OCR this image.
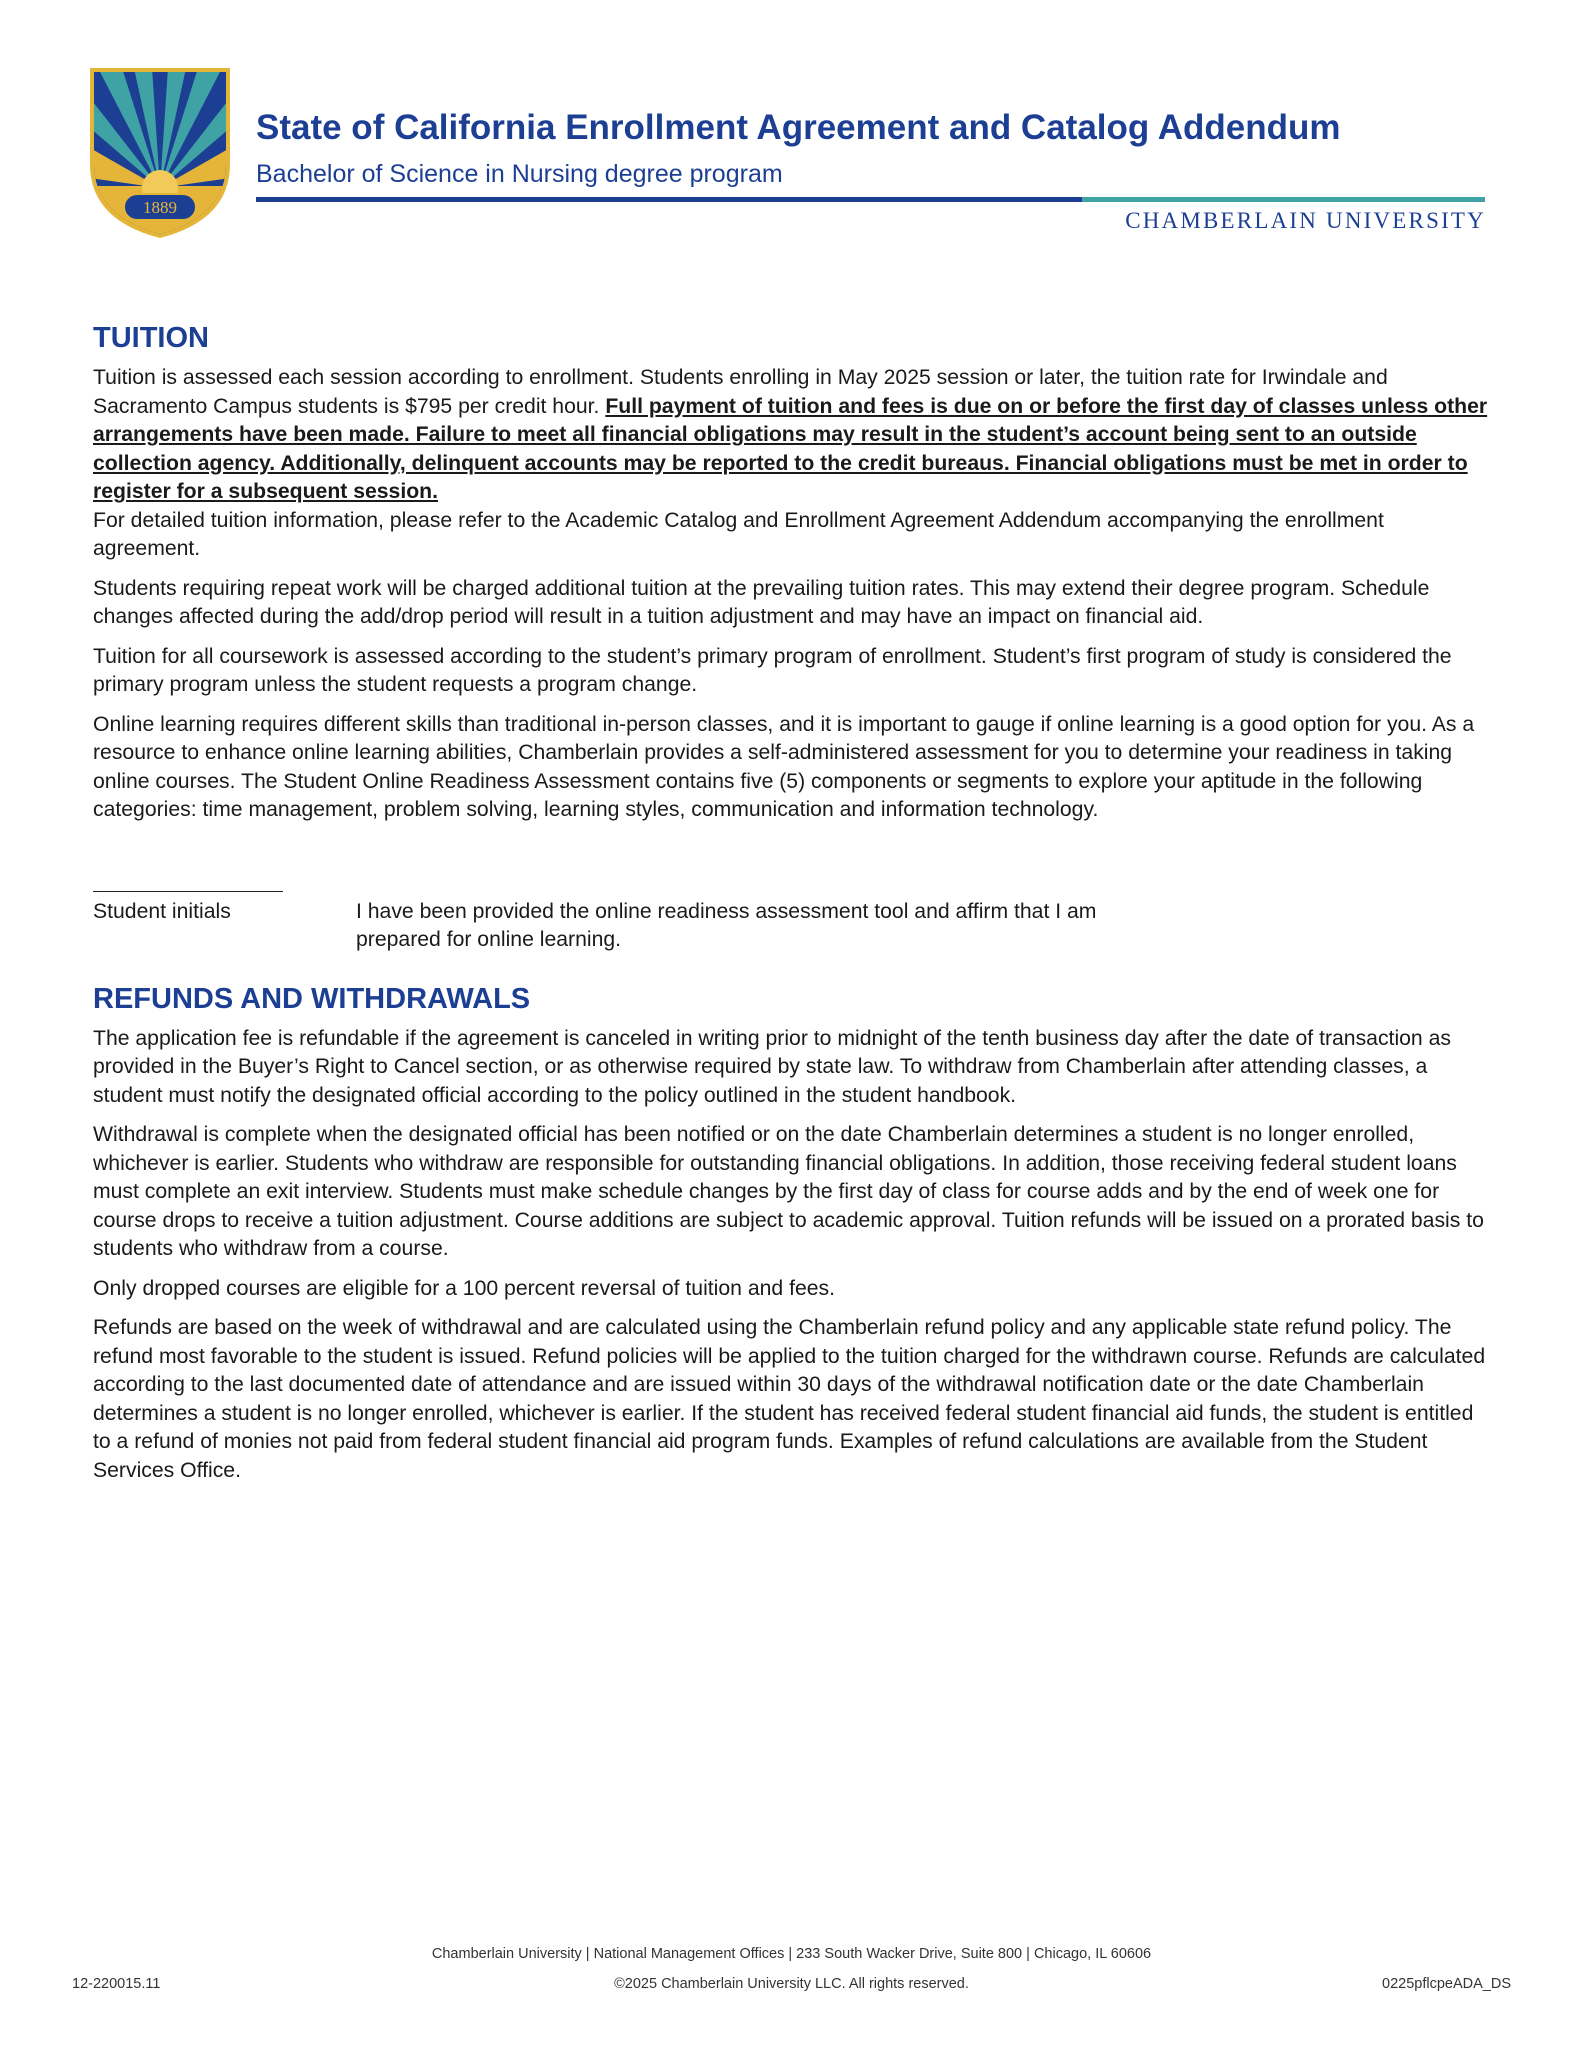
1889
State of California Enrollment Agreement and Catalog Addendum
Bachelor of Science in Nursing degree program
CHAMBERLAIN UNIVERSITY
TUITION

Tuition is assessed each session according to enrollment. Students enrolling in May 2025 session or later, the tuition rate for Irwindale and Sacramento Campus students is $795 per credit hour. Full payment of tuition and fees is due on or before the first day of classes unless other arrangements have been made. Failure to meet all financial obligations may result in the student’s account being sent to an outside collection agency. Additionally, delinquent accounts may be reported to the credit bureaus. Financial obligations must be met in order to register for a subsequent session.

For detailed tuition information, please refer to the Academic Catalog and Enrollment Agreement Addendum accompanying the enrollment agreement.

Students requiring repeat work will be charged additional tuition at the prevailing tuition rates. This may extend their degree program. Schedule changes affected during the add/drop period will result in a tuition adjustment and may have an impact on financial aid.

Tuition for all coursework is assessed according to the student’s primary program of enrollment. Student’s first program of study is considered the primary program unless the student requests a program change.

Online learning requires different skills than traditional in-person classes, and it is important to gauge if online learning is a good option for you. As a resource to enhance online learning abilities, Chamberlain provides a self-administered assessment for you to determine your readiness in taking online courses. The Student Online Readiness Assessment contains five (5) components or segments to explore your aptitude in the following categories: time management, problem solving, learning styles, communication and information technology.

Student initials	I have been provided the online readiness assessment tool and affirm that I am prepared for online learning.
REFUNDS AND WITHDRAWALS

The application fee is refundable if the agreement is canceled in writing prior to midnight of the tenth business day after the date of transaction as provided in the Buyer’s Right to Cancel section, or as otherwise required by state law. To withdraw from Chamberlain after attending classes, a student must notify the designated official according to the policy outlined in the student handbook.

Withdrawal is complete when the designated official has been notified or on the date Chamberlain determines a student is no longer enrolled, whichever is earlier. Students who withdraw are responsible for outstanding financial obligations. In addition, those receiving federal student loans must complete an exit interview. Students must make schedule changes by the first day of class for course adds and by the end of week one for course drops to receive a tuition adjustment. Course additions are subject to academic approval. Tuition refunds will be issued on a prorated basis to students who withdraw from a course.

Only dropped courses are eligible for a 100 percent reversal of tuition and fees.

Refunds are based on the week of withdrawal and are calculated using the Chamberlain refund policy and any applicable state refund policy. The refund most favorable to the student is issued. Refund policies will be applied to the tuition charged for the withdrawn course. Refunds are calculated according to the last documented date of attendance and are issued within 30 days of the withdrawal notification date or the date Chamberlain determines a student is no longer enrolled, whichever is earlier. If the student has received federal student financial aid funds, the student is entitled to a refund of monies not paid from federal student financial aid program funds. Examples of refund calculations are available from the Student Services Office.

Chamberlain University | National Management Offices | 233 South Wacker Drive, Suite 800 | Chicago, IL 60606
12-220015.11	©2025 Chamberlain University LLC. All rights reserved.	0225pflcpeADA_DS
